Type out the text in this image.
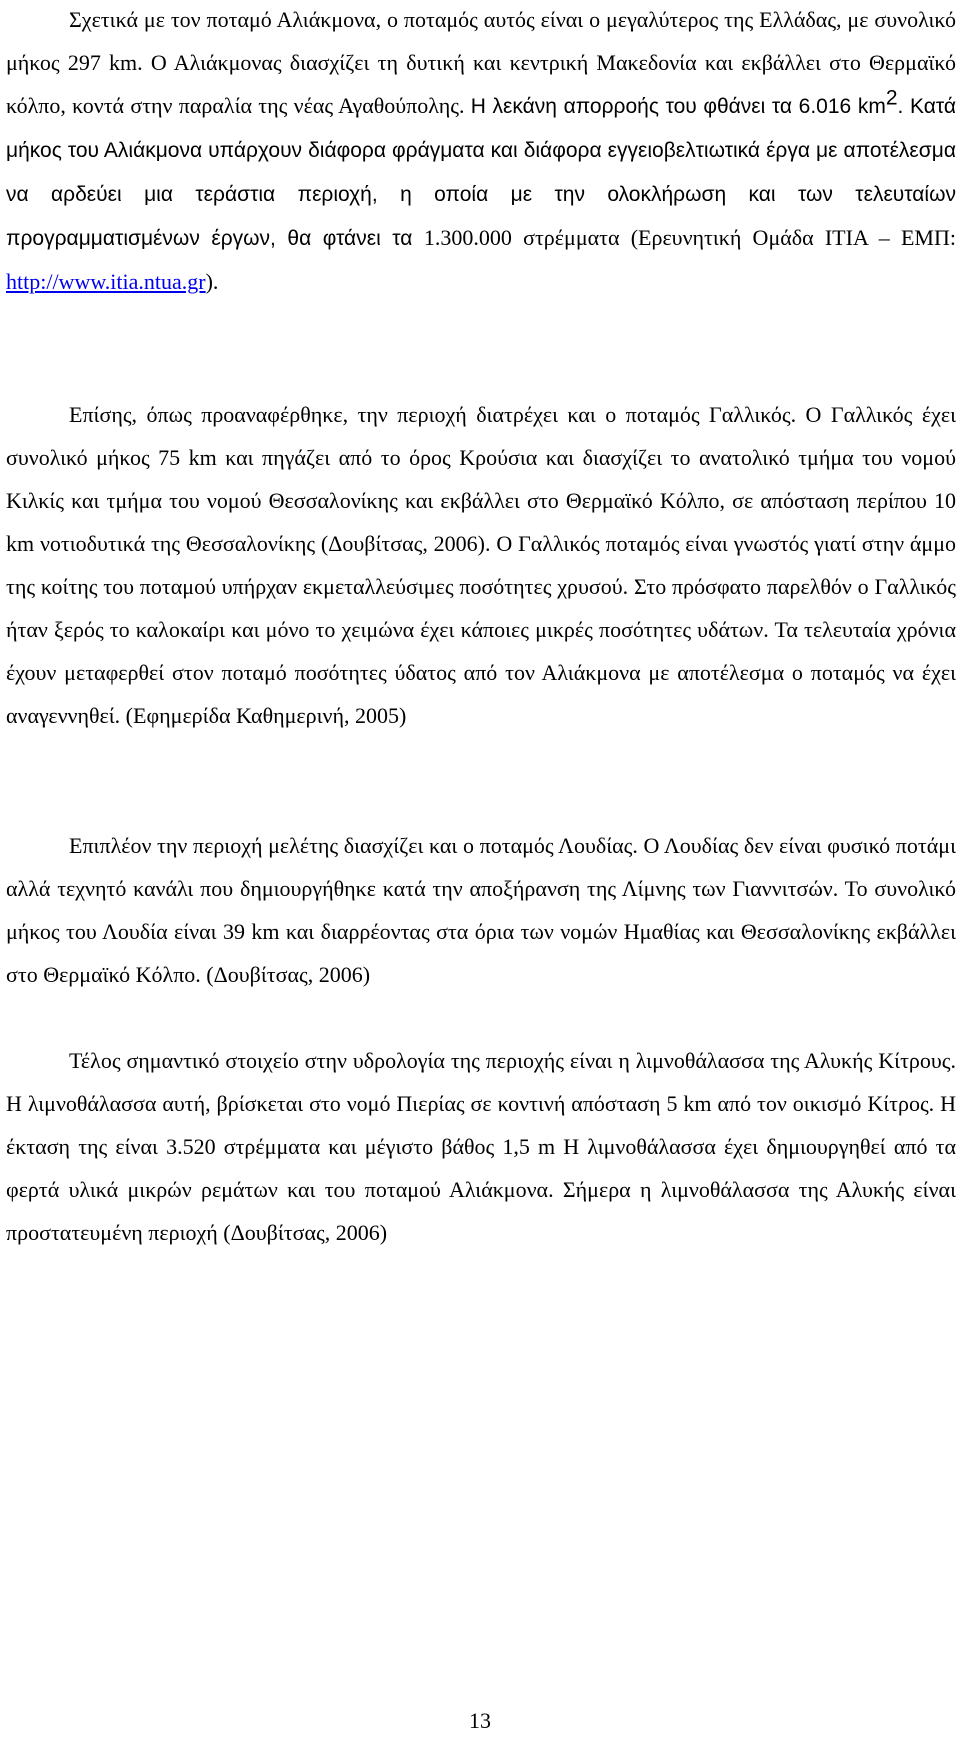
Σχετικά με τον ποταμό Αλιάκμονα, ο ποταμός αυτός είναι ο μεγαλύτερος της Ελλάδας, με συνολικό μήκος 297 km. Ο Αλιάκμονας διασχίζει τη δυτική και κεντρική Μακεδονία και εκβάλλει στο Θερμαϊκό κόλπο, κοντά στην παραλία της νέας Αγαθούπολης. Η λεκάνη απορροής του φθάνει τα 6.016 $km^2$. Κατά μήκος του Αλιάκμονα υπάρχουν διάφορα φράγματα και διάφορα εγγειοβελτιωτικά έργα με αποτέλεσμα να αρδεύει μια τεράστια περιοχή, η οποία με την ολοκλήρωση και των τελευταίων προγραμματισμένων έργων, θα φτάνει τα 1.300.000 στρέμματα (Ερευνητική Ομάδα ΙΤΙΑ – ΕΜΠ: http://www.itia.ntua.gr).

Επίσης, όπως προαναφέρθηκε, την περιοχή διατρέχει και ο ποταμός Γαλλικός. Ο Γαλλικός έχει συνολικό μήκος 75 km και πηγάζει από το όρος Κρούσια και διασχίζει το ανατολικό τμήμα του νομού Κιλκίς και τμήμα του νομού Θεσσαλονίκης και εκβάλλει στο Θερμαϊκό Κόλπο, σε απόσταση περίπου 10 km νοτιοδυτικά της Θεσσαλονίκης (Δουβίτσας, 2006). Ο Γαλλικός ποταμός είναι γνωστός γιατί στην άμμο της κοίτης του ποταμού υπήρχαν εκμεταλλεύσιμες ποσότητες χρυσού. Στο πρόσφατο παρελθόν ο Γαλλικός ήταν ξερός το καλοκαίρι και μόνο το χειμώνα έχει κάποιες μικρές ποσότητες υδάτων. Τα τελευταία χρόνια έχουν μεταφερθεί στον ποταμό ποσότητες ύδατος από τον Αλιάκμονα με αποτέλεσμα ο ποταμός να έχει αναγεννηθεί. (Εφημερίδα Καθημερινή, 2005)

Επιπλέον την περιοχή μελέτης διασχίζει και ο ποταμός Λουδίας. Ο Λουδίας δεν είναι φυσικό ποτάμι αλλά τεχνητό κανάλι που δημιουργήθηκε κατά την αποξήρανση της Λίμνης των Γιαννιτσών. Το συνολικό μήκος του Λουδία είναι 39 km και διαρρέοντας στα όρια των νομών Ημαθίας και Θεσσαλονίκης εκβάλλει στο Θερμαϊκό Κόλπο. (Δουβίτσας, 2006)

Τέλος σημαντικό στοιχείο στην υδρολογία της περιοχής είναι η λιμνοθάλασσα της Αλυκής Κίτρους. Η λιμνοθάλασσα αυτή, βρίσκεται στο νομό Πιερίας σε κοντινή απόσταση 5 km από τον οικισμό Κίτρος. Η έκταση της είναι 3.520 στρέμματα και μέγιστο βάθος 1,5 m Η λιμνοθάλασσα έχει δημιουργηθεί από τα φερτά υλικά μικρών ρεμάτων και του ποταμού Αλιάκμονα. Σήμερα η λιμνοθάλασσα της Αλυκής είναι προστατευμένη περιοχή (Δουβίτσας, 2006)

13
